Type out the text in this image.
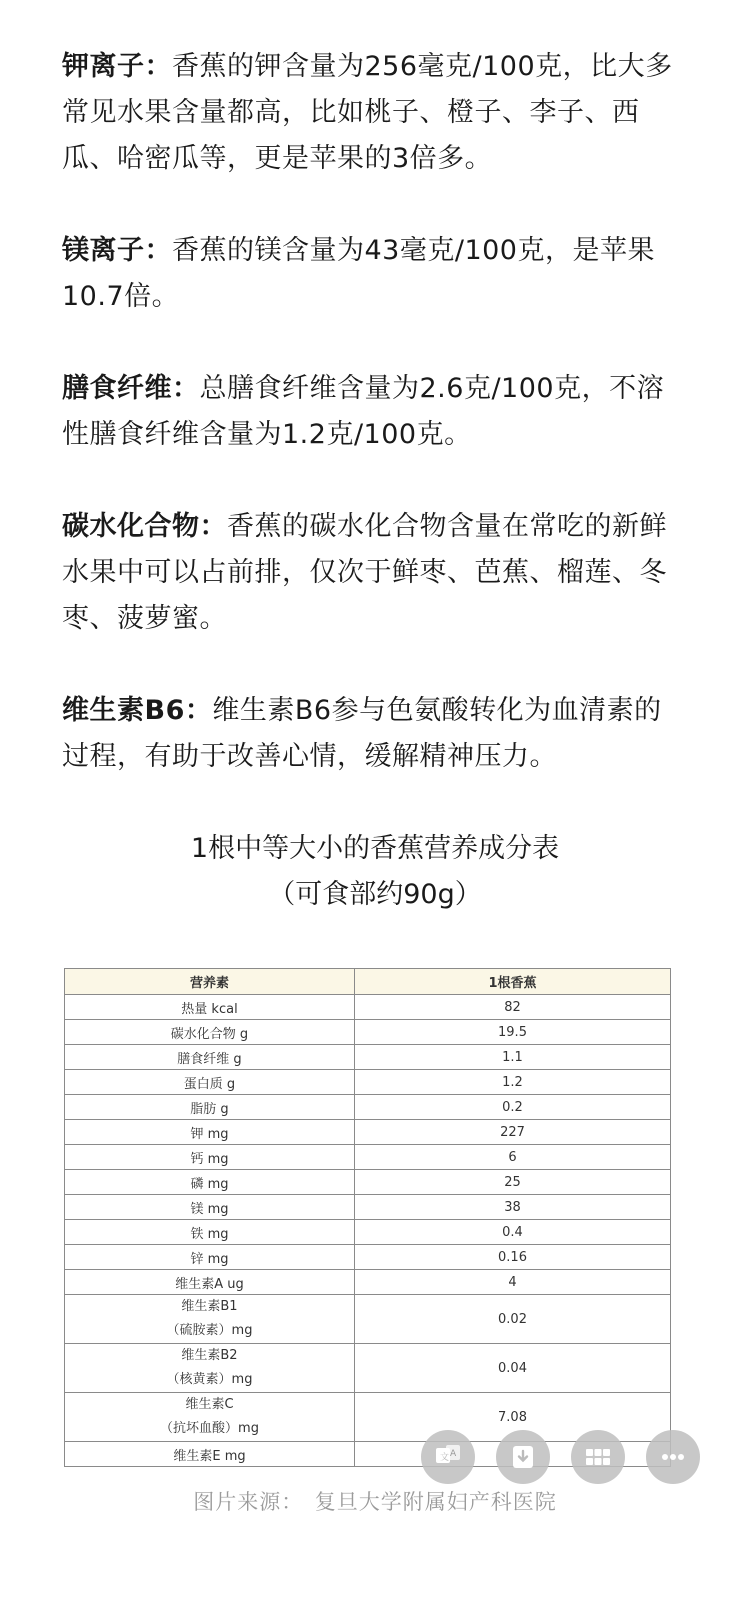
钾离子：香蕉的钾含量为256毫克/100克，比大多常见水果含量都高，比如桃子、橙子、李子、西瓜、哈密瓜等，更是苹果的3倍多。

镁离子：香蕉的镁含量为43毫克/100克，是苹果10.7倍。

膳食纤维：总膳食纤维含量为2.6克/100克，不溶性膳食纤维含量为1.2克/100克。

碳水化合物：香蕉的碳水化合物含量在常吃的新鲜水果中可以占前排，仅次于鲜枣、芭蕉、榴莲、冬枣、菠萝蜜。

维生素B6：维生素B6参与色氨酸转化为血清素的过程，有助于改善心情，缓解精神压力。

1根中等大小的香蕉营养成分表
（可食部约90g）
营养素	1根香蕉
热量 kcal	82
碳水化合物 g	19.5
膳食纤维 g	1.1
蛋白质 g	1.2
脂肪 g	0.2
钾 mg	227
钙 mg	6
磷 mg	25
镁 mg	38
铁 mg	0.4
锌 mg	0.16
维生素A ug	4

维生素B1
（硫胺素）mg	0.02

维生素B2
（核黄素）mg	0.04

维生素C
（抗坏血酸）mg	7.08
维生素E mg	
图片来源：　复旦大学附属妇产科医院
文 A
